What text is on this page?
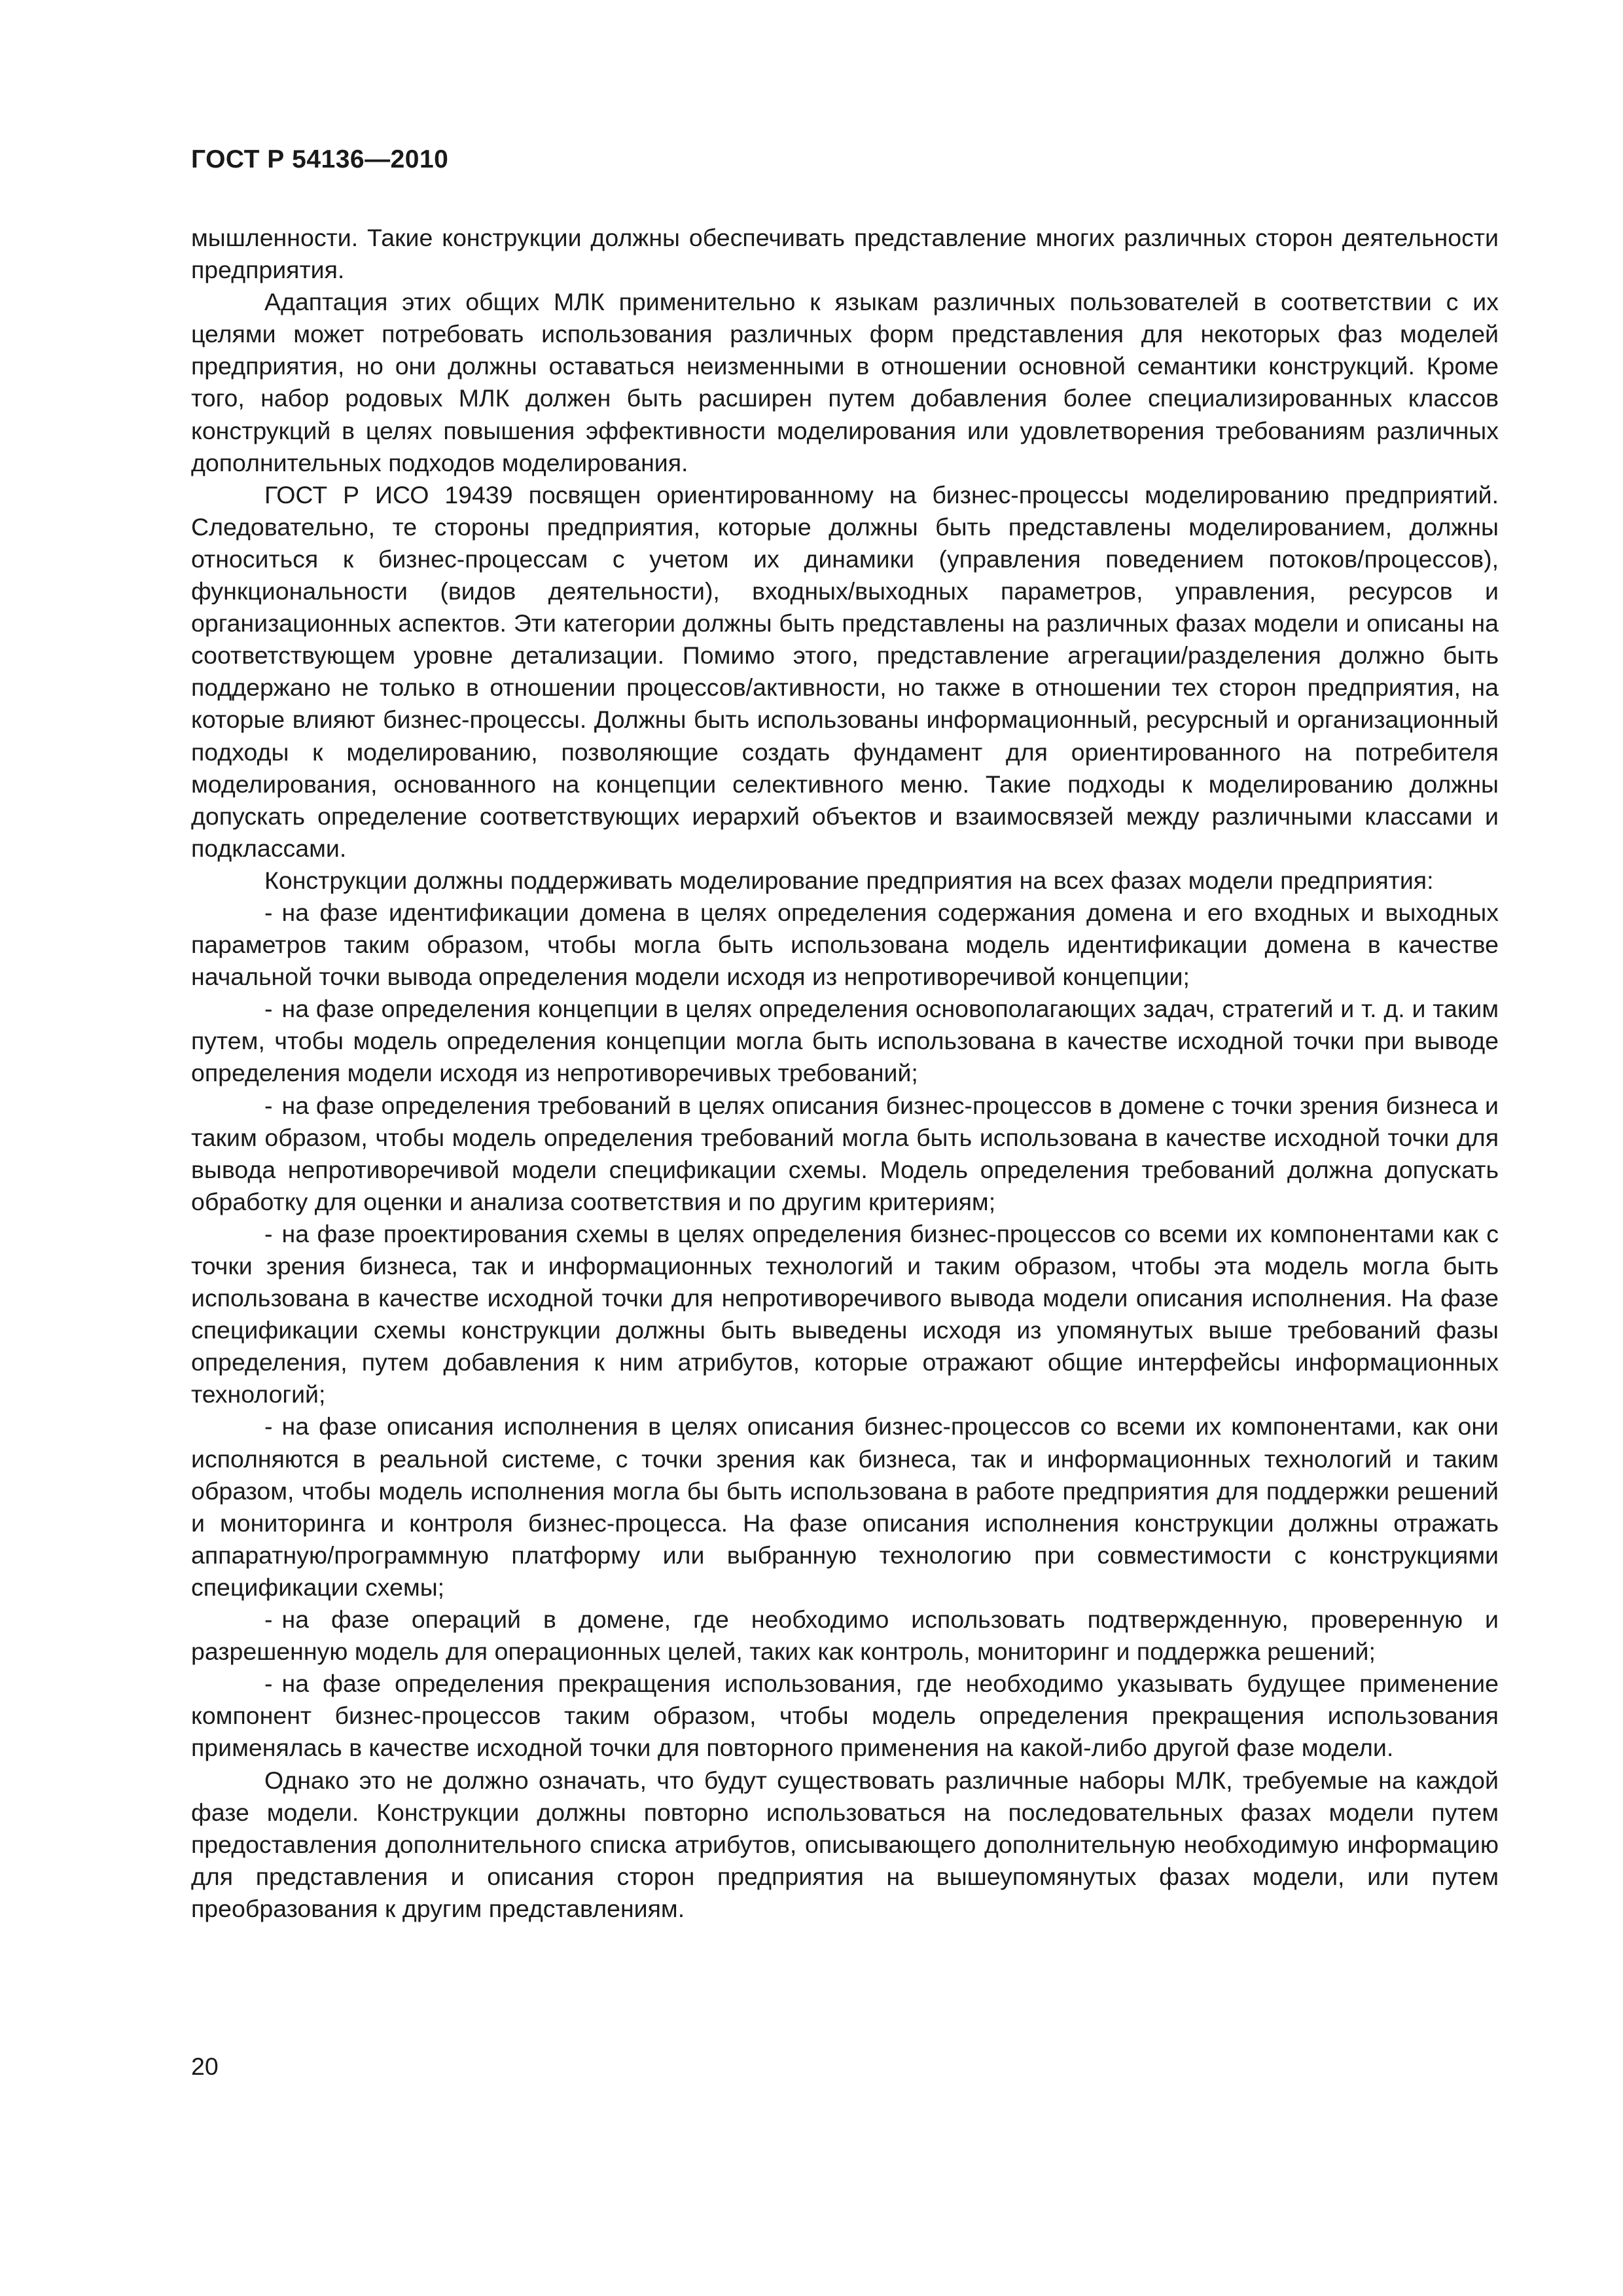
ГОСТ Р 54136—2010

мышленности. Такие конструкции должны обеспечивать представление многих различных сторон деятельности предприятия.

Адаптация этих общих МЛК применительно к языкам различных пользователей в соответствии с их целями может потребовать использования различных форм представления для некоторых фаз моделей предприятия, но они должны оставаться неизменными в отношении основной семантики конструкций. Кроме того, набор родовых МЛК должен быть расширен путем добавления более специализированных классов конструкций в целях повышения эффективности моделирования или удовлетворения требованиям различных дополнительных подходов моделирования.

ГОСТ Р ИСО 19439 посвящен ориентированному на бизнес-процессы моделированию предприятий. Следовательно, те стороны предприятия, которые должны быть представлены моделированием, должны относиться к бизнес-процессам с учетом их динамики (управления поведением потоков/процессов), функциональности (видов деятельности), входных/выходных параметров, управления, ресурсов и организационных аспектов. Эти категории должны быть представлены на различных фазах модели и описаны на соответствующем уровне детализации. Помимо этого, представление агрегации/разделения должно быть поддержано не только в отношении процессов/активности, но также в отношении тех сторон предприятия, на которые влияют бизнес-процессы. Должны быть использованы информационный, ресурсный и организационный подходы к моделированию, позволяющие создать фундамент для ориентированного на потребителя моделирования, основанного на концепции селективного меню. Такие подходы к моделированию должны допускать определение соответствующих иерархий объектов и взаимосвязей между различными классами и подклассами.

Конструкции должны поддерживать моделирование предприятия на всех фазах модели предприятия:

- на фазе идентификации домена в целях определения содержания домена и его входных и выходных параметров таким образом, чтобы могла быть использована модель идентификации домена в качестве начальной точки вывода определения модели исходя из непротиворечивой концепции;
- на фазе определения концепции в целях определения основополагающих задач, стратегий и т. д. и таким путем, чтобы модель определения концепции могла быть использована в качестве исходной точки при выводе определения модели исходя из непротиворечивых требований;
- на фазе определения требований в целях описания бизнес-процессов в домене с точки зрения бизнеса и таким образом, чтобы модель определения требований могла быть использована в качестве исходной точки для вывода непротиворечивой модели спецификации схемы. Модель определения требований должна допускать обработку для оценки и анализа соответствия и по другим критериям;
- на фазе проектирования схемы в целях определения бизнес-процессов со всеми их компонентами как с точки зрения бизнеса, так и информационных технологий и таким образом, чтобы эта модель могла быть использована в качестве исходной точки для непротиворечивого вывода модели описания исполнения. На фазе спецификации схемы конструкции должны быть выведены исходя из упомянутых выше требований фазы определения, путем добавления к ним атрибутов, которые отражают общие интерфейсы информационных технологий;
- на фазе описания исполнения в целях описания бизнес-процессов со всеми их компонентами, как они исполняются в реальной системе, с точки зрения как бизнеса, так и информационных технологий и таким образом, чтобы модель исполнения могла бы быть использована в работе предприятия для поддержки решений и мониторинга и контроля бизнес-процесса. На фазе описания исполнения конструкции должны отражать аппаратную/программную платформу или выбранную технологию при совместимости с конструкциями спецификации схемы;
- на фазе операций в домене, где необходимо использовать подтвержденную, проверенную и разрешенную модель для операционных целей, таких как контроль, мониторинг и поддержка решений;
- на фазе определения прекращения использования, где необходимо указывать будущее применение компонент бизнес-процессов таким образом, чтобы модель определения прекращения использования применялась в качестве исходной точки для повторного применения на какой-либо другой фазе модели.

Однако это не должно означать, что будут существовать различные наборы МЛК, требуемые на каждой фазе модели. Конструкции должны повторно использоваться на последовательных фазах модели путем предоставления дополнительного списка атрибутов, описывающего дополнительную необходимую информацию для представления и описания сторон предприятия на вышеупомянутых фазах модели, или путем преобразования к другим представлениям.

20
